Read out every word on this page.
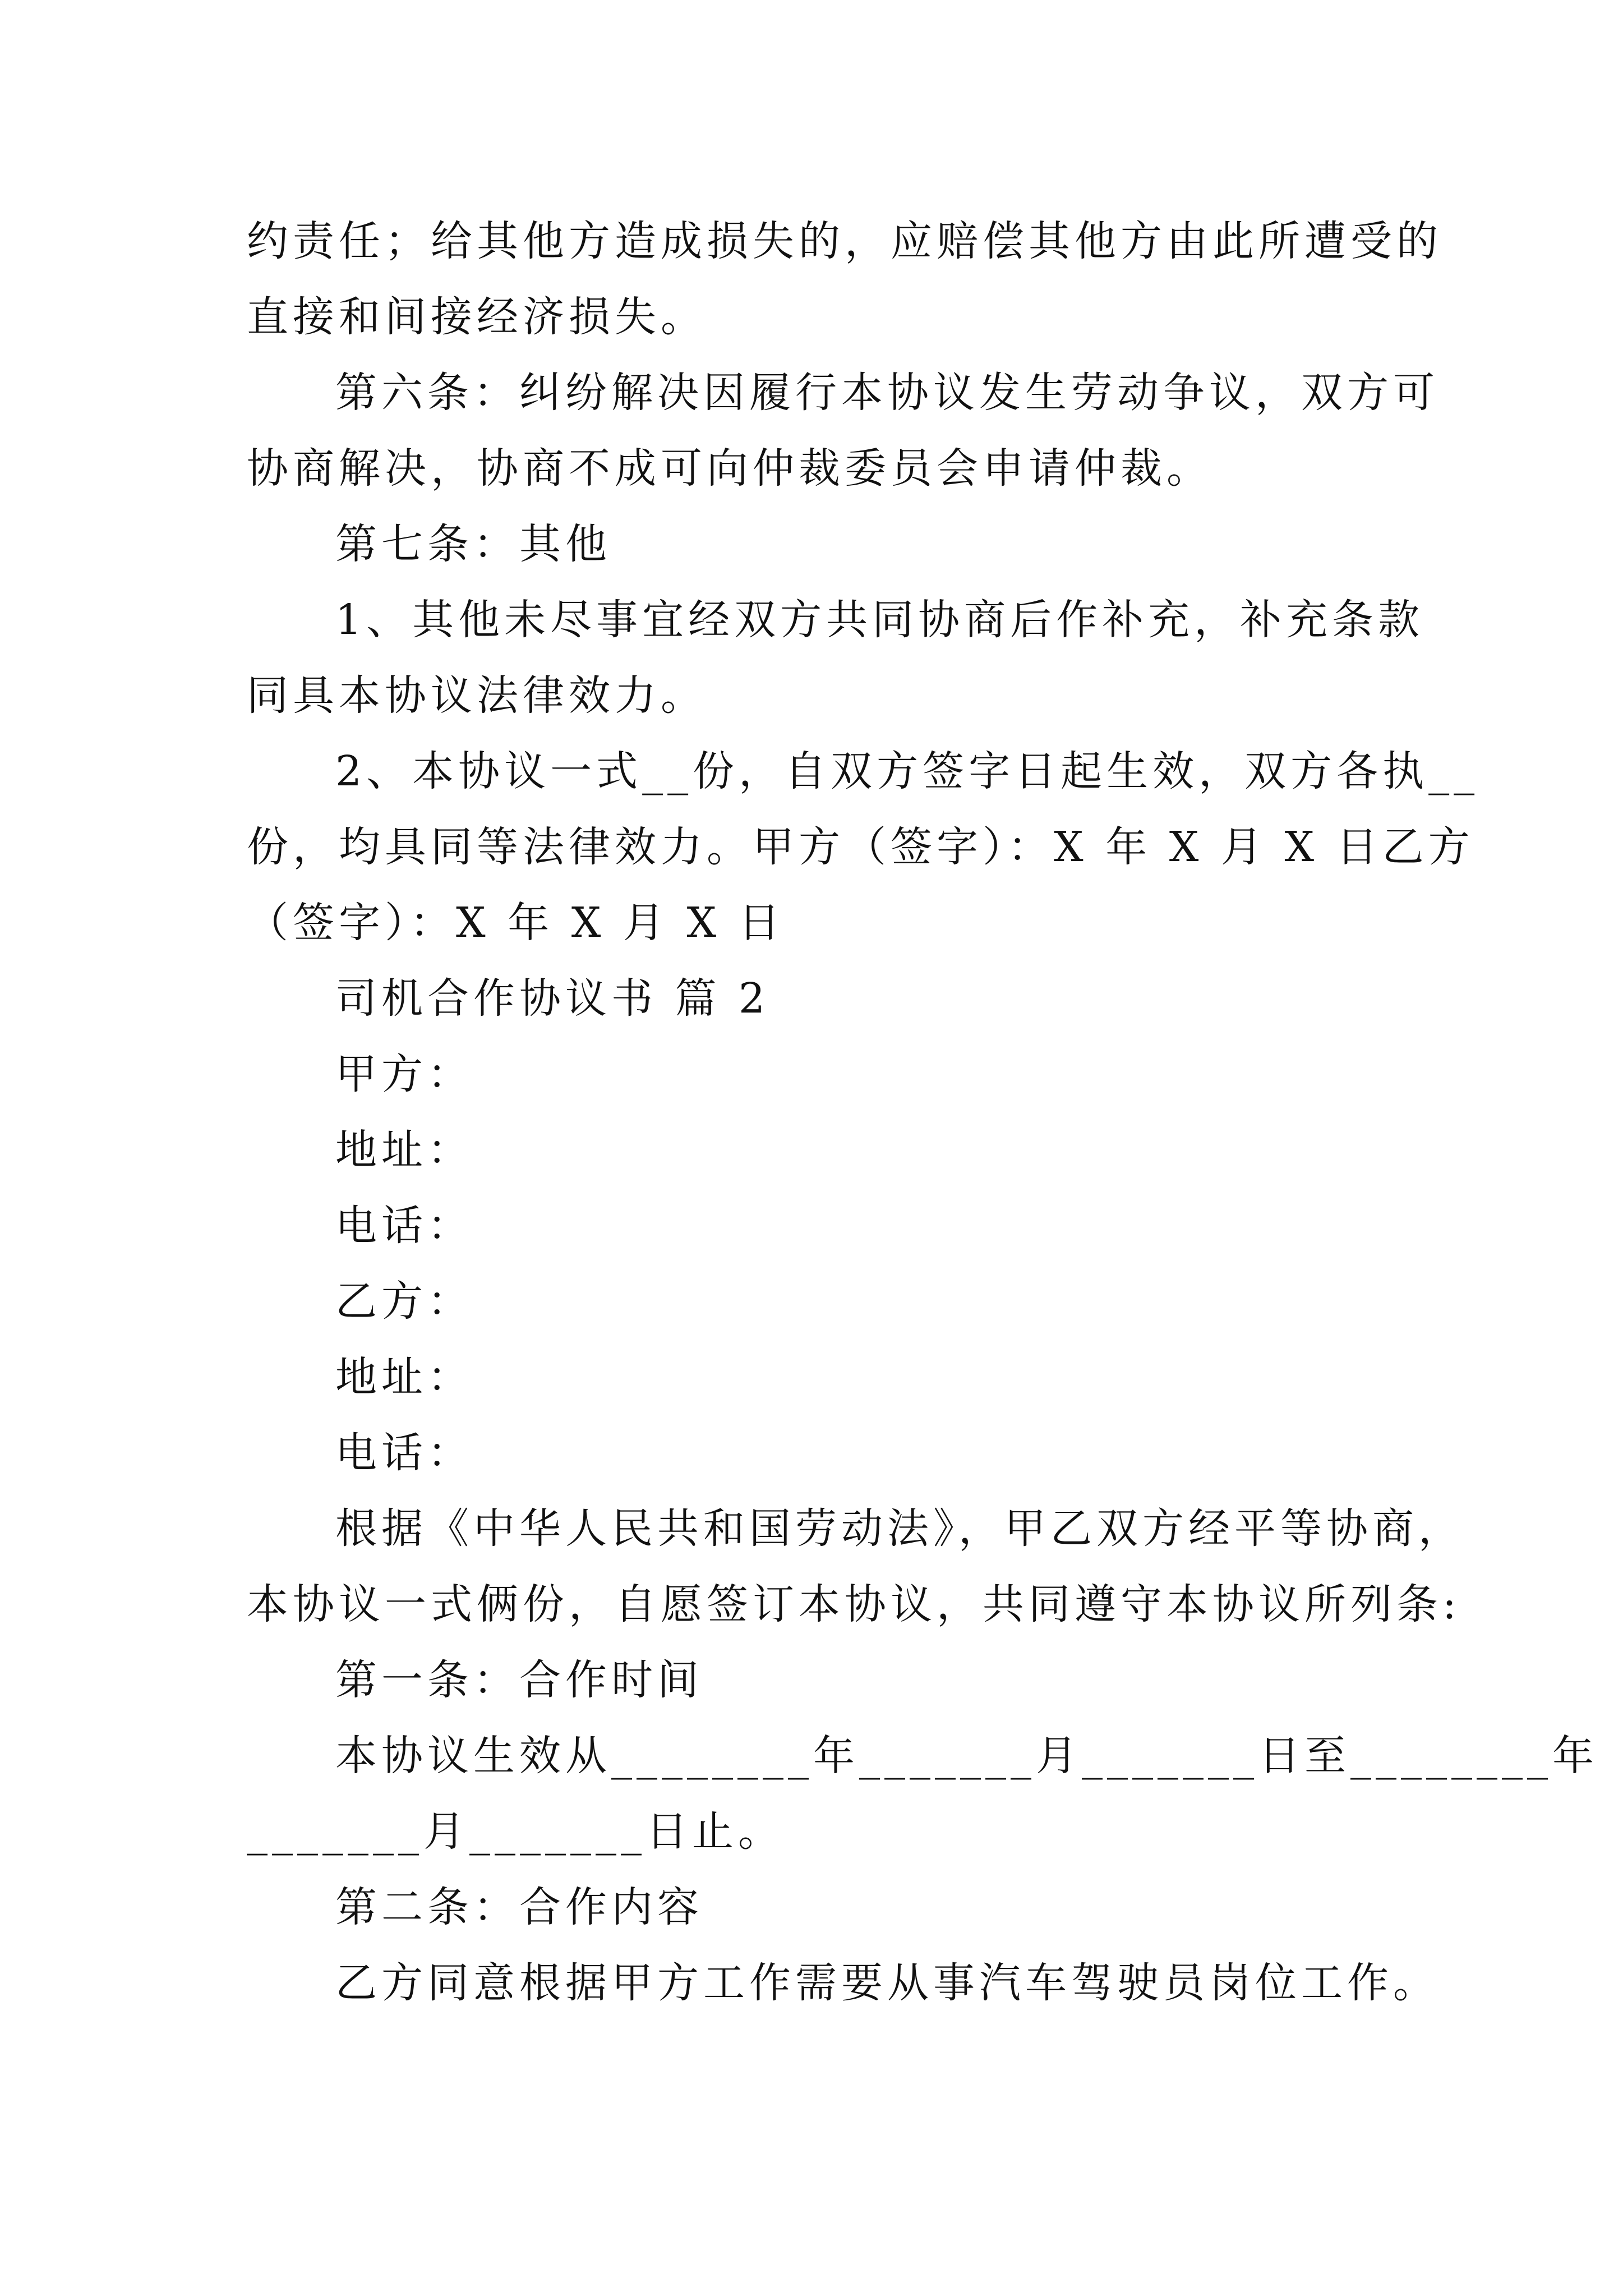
约责任；给其他方造成损失的，应赔偿其他方由此所遭受的
直接和间接经济损失。
第六条：纠纷解决因履行本协议发生劳动争议，双方可
协商解决，协商不成可向仲裁委员会申请仲裁。
第七条：其他
1、其他未尽事宜经双方共同协商后作补充，补充条款
同具本协议法律效力。
2、本协议一式__份，自双方签字日起生效，双方各执__
份，均具同等法律效力。甲方（签字）：X 年 X 月 X 日乙方
（签字）：X 年 X 月 X 日
司机合作协议书 篇 2
甲方：
地址：
电话：
乙方：
地址：
电话：
根据《中华人民共和国劳动法》，甲乙双方经平等协商，
本协议一式俩份，自愿签订本协议，共同遵守本协议所列条:
第一条：合作时间
本协议生效从________年_______月_______日至________年
_______月_______日止。
第二条：合作内容
乙方同意根据甲方工作需要从事汽车驾驶员岗位工作。
